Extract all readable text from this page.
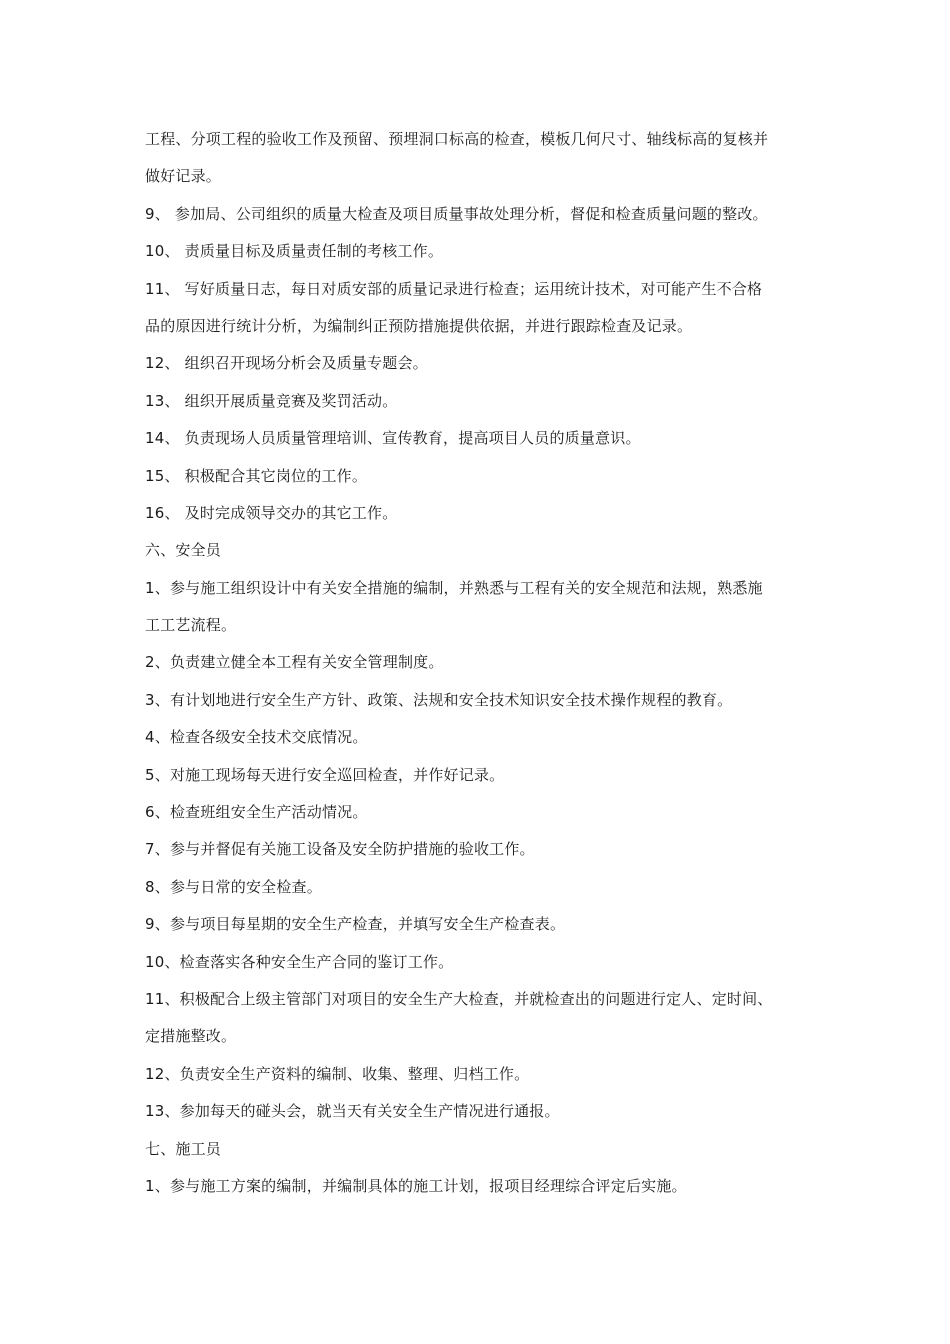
工程、分项工程的验收工作及预留、预埋洞口标高的检查，模板几何尺寸、轴线标高的复核并
做好记录。
9、 参加局、公司组织的质量大检查及项目质量事故处理分析，督促和检查质量问题的整改。
10、 责质量目标及质量责任制的考核工作。
11、 写好质量日志，每日对质安部的质量记录进行检查；运用统计技术，对可能产生不合格
品的原因进行统计分析，为编制纠正预防措施提供依据，并进行跟踪检查及记录。
12、 组织召开现场分析会及质量专题会。
13、 组织开展质量竞赛及奖罚活动。
14、 负责现场人员质量管理培训、宣传教育，提高项目人员的质量意识。
15、 积极配合其它岗位的工作。
16、 及时完成领导交办的其它工作。
六、安全员
1、参与施工组织设计中有关安全措施的编制，并熟悉与工程有关的安全规范和法规，熟悉施
工工艺流程。
2、负责建立健全本工程有关安全管理制度。
3、有计划地进行安全生产方针、政策、法规和安全技术知识安全技术操作规程的教育。
4、检查各级安全技术交底情况。
5、对施工现场每天进行安全巡回检查，并作好记录。
6、检查班组安全生产活动情况。
7、参与并督促有关施工设备及安全防护措施的验收工作。
8、参与日常的安全检查。
9、参与项目每星期的安全生产检查，并填写安全生产检查表。
10、检查落实各种安全生产合同的鉴订工作。
11、积极配合上级主管部门对项目的安全生产大检查，并就检查出的问题进行定人、定时间、
定措施整改。
12、负责安全生产资料的编制、收集、整理、归档工作。
13、参加每天的碰头会，就当天有关安全生产情况进行通报。
七、施工员
1、参与施工方案的编制，并编制具体的施工计划，报项目经理综合评定后实施。
